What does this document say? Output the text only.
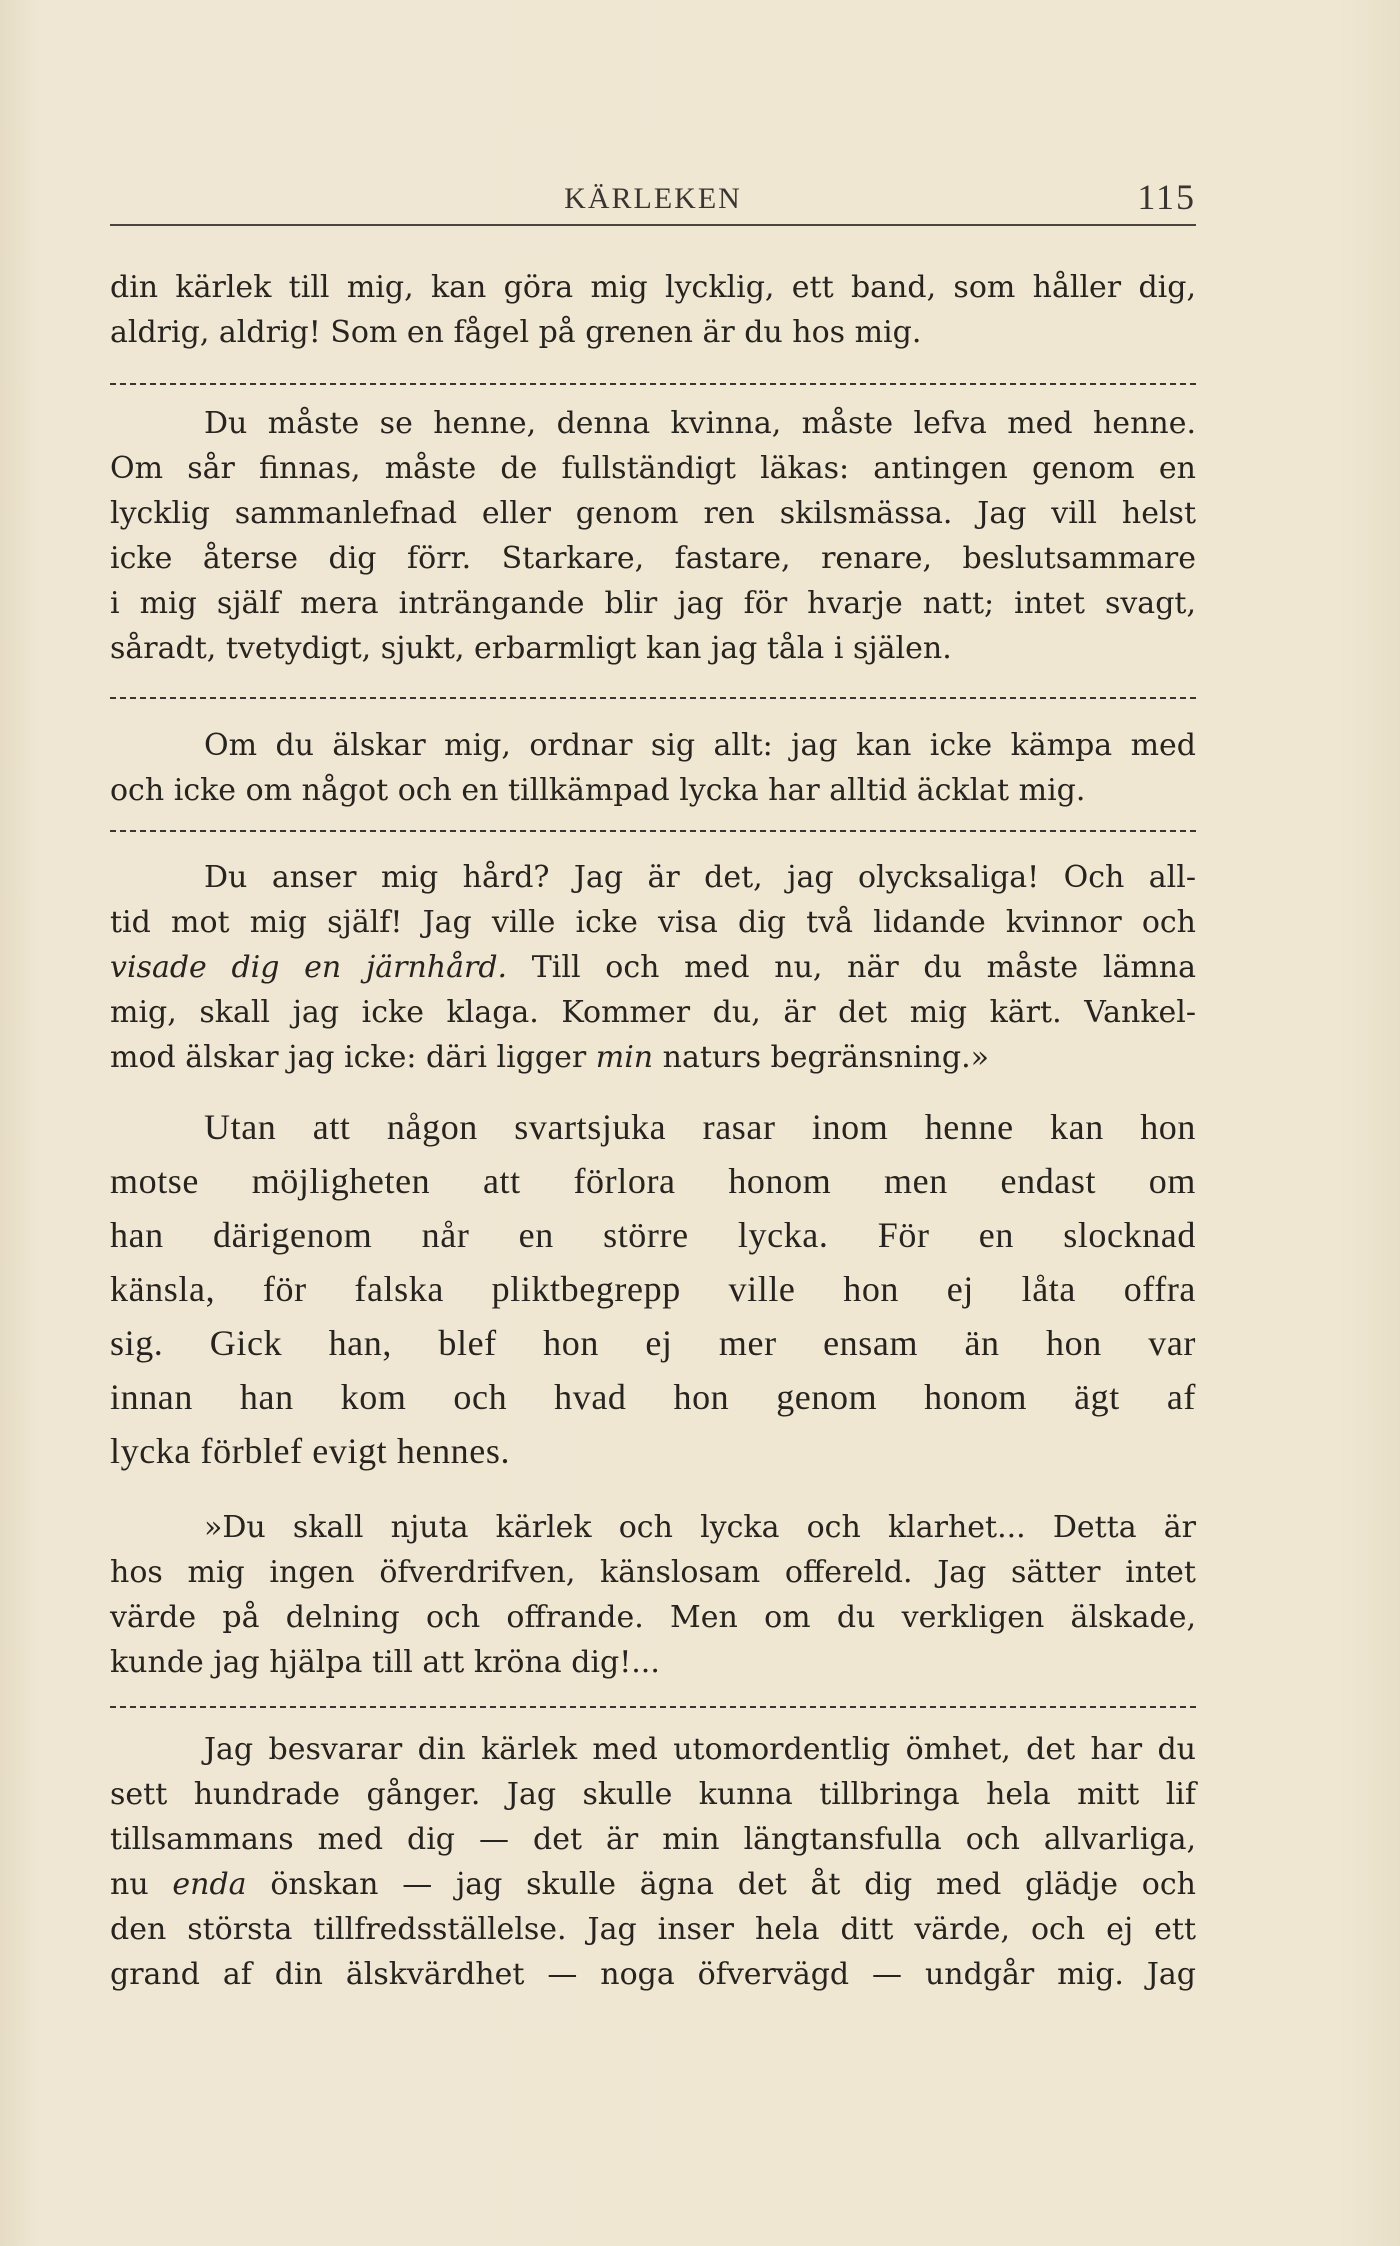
KÄRLEKEN	115
din kärlek till mig, kan göra mig lycklig, ett band, som håller dig,
aldrig, aldrig! Som en fågel på grenen är du hos mig.
Du måste se henne, denna kvinna, måste lefva med henne.
Om sår finnas, måste de fullständigt läkas: antingen genom en
lycklig sammanlefnad eller genom ren skilsmässa. Jag vill helst
icke återse dig förr. Starkare, fastare, renare, beslutsammare
i mig själf mera inträngande blir jag för hvarje natt; intet svagt,
såradt, tvetydigt, sjukt, erbarmligt kan jag tåla i själen.
Om du älskar mig, ordnar sig allt: jag kan icke kämpa med
och icke om något och en tillkämpad lycka har alltid äcklat mig.
Du anser mig hård? Jag är det, jag olycksaliga! Och all-
tid mot mig själf! Jag ville icke visa dig två lidande kvinnor och
visade dig en järnhård. Till och med nu, när du måste lämna
mig, skall jag icke klaga. Kommer du, är det mig kärt. Vankel-
mod älskar jag icke: däri ligger min naturs begränsning.»
Utan att någon svartsjuka rasar inom henne kan hon
motse möjligheten att förlora honom men endast om
han därigenom når en större lycka. För en slocknad
känsla, för falska pliktbegrepp ville hon ej låta offra
sig. Gick han, blef hon ej mer ensam än hon var
innan han kom och hvad hon genom honom ägt af
lycka förblef evigt hennes.
»Du skall njuta kärlek och lycka och klarhet... Detta är
hos mig ingen öfverdrifven, känslosam offereld. Jag sätter intet
värde på delning och offrande. Men om du verkligen älskade,
kunde jag hjälpa till att kröna dig!...
Jag besvarar din kärlek med utomordentlig ömhet, det har du
sett hundrade gånger. Jag skulle kunna tillbringa hela mitt lif
tillsammans med dig — det är min längtansfulla och allvarliga,
nu enda önskan — jag skulle ägna det åt dig med glädje och
den största tillfredsställelse. Jag inser hela ditt värde, och ej ett
grand af din älskvärdhet — noga öfvervägd — undgår mig. Jag
